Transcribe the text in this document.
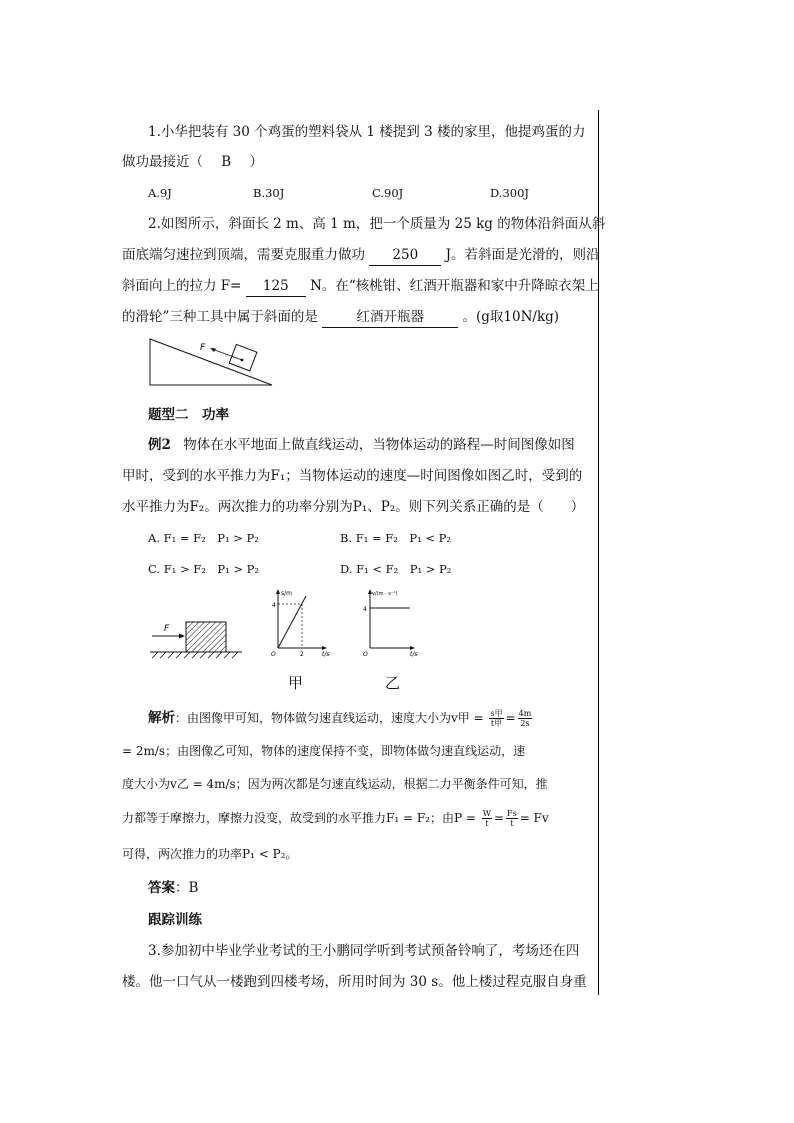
1.小华把装有 30 个鸡蛋的塑料袋从 1 楼提到 3 楼的家里，他提鸡蛋的力
做功最接近（ B ）
A.9J	B.30J	C.90J	D.300J
2.如图所示，斜面长 2 m、高 1 m，把一个质量为 25 kg 的物体沿斜面从斜
面底端匀速拉到顶端，需要克服重力做功 250 J。若斜面是光滑的，则沿
斜面向上的拉力 F= 125 N。在“核桃钳、红酒开瓶器和家中升降晾衣架上
的滑轮”三种工具中属于斜面的是	红酒开瓶器	。(g取10N/kg)
F
题型二　功率
例2 物体在水平地面上做直线运动，当物体运动的路程—时间图像如图
甲时，受到的水平推力为F₁；当物体运动的速度—时间图像如图乙时，受到的
水平推力为F₂。两次推力的功率分别为P₁、P₂。则下列关系正确的是（　　）
A. F₁ = F₂　P₁ > P₂	B. F₁ = F₂　P₁ < P₂
C. F₁ > F₂　P₁ > P₂	D. F₁ < F₂　P₁ > P₂
F
s/m
4
2	t/s
O
甲
v/(m · s⁻¹)
4
t/s
O
乙
解析：由图像甲可知，物体做匀速直线运动，速度大小为v甲 = $\frac{\text{s甲}}{\text{t甲}} = \frac{4m}{2s}$
= 2m/s；由图像乙可知，物体的速度保持不变，即物体做匀速直线运动，速
度大小为v乙 = 4m/s；因为两次都是匀速直线运动，根据二力平衡条件可知，推
力都等于摩擦力，摩擦力没变，故受到的水平推力F₁ = F₂；由$P = \frac{W}{t} = \frac{Fs}{t} = Fv$
可得，两次推力的功率P₁ < P₂。
答案：B
跟踪训练
3.参加初中毕业学业考试的王小鹏同学听到考试预备铃响了，考场还在四
楼。他一口气从一楼跑到四楼考场，所用时间为 30 s。他上楼过程克服自身重
